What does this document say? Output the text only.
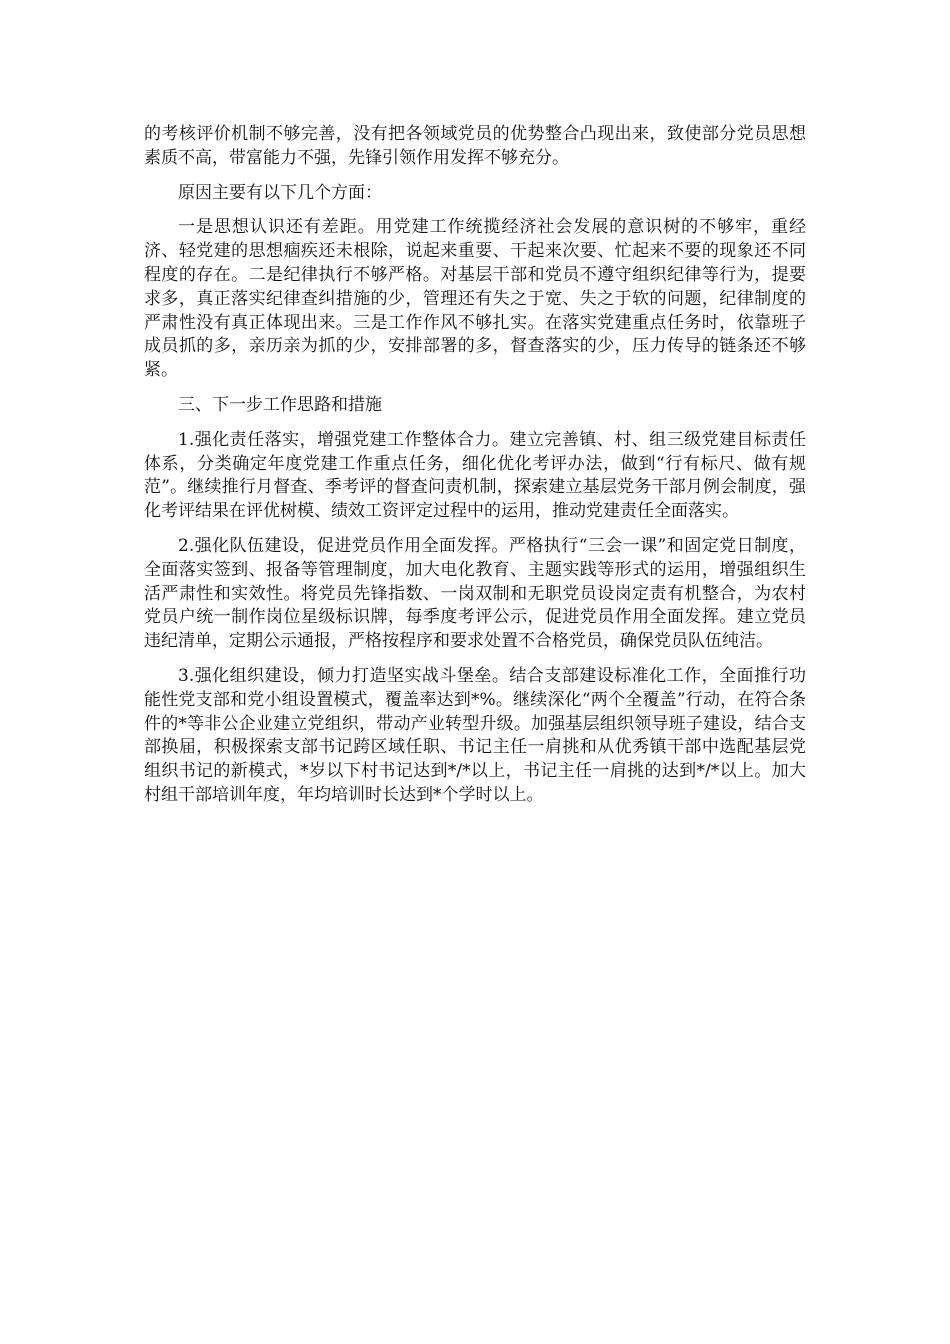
的考核评价机制不够完善，没有把各领域党员的优势整合凸现出来，致使部分党员思想素质不高，带富能力不强，先锋引领作用发挥不够充分。

原因主要有以下几个方面：

一是思想认识还有差距。用党建工作统揽经济社会发展的意识树的不够牢，重经济、轻党建的思想痼疾还未根除，说起来重要、干起来次要、忙起来不要的现象还不同程度的存在。二是纪律执行不够严格。对基层干部和党员不遵守组织纪律等行为，提要求多，真正落实纪律查纠措施的少，管理还有失之于宽、失之于软的问题，纪律制度的严肃性没有真正体现出来。三是工作作风不够扎实。在落实党建重点任务时，依靠班子成员抓的多，亲历亲为抓的少，安排部署的多，督查落实的少，压力传导的链条还不够紧。

三、下一步工作思路和措施

1.强化责任落实，增强党建工作整体合力。建立完善镇、村、组三级党建目标责任体系，分类确定年度党建工作重点任务，细化优化考评办法，做到“行有标尺、做有规范”。继续推行月督查、季考评的督查问责机制，探索建立基层党务干部月例会制度，强化考评结果在评优树模、绩效工资评定过程中的运用，推动党建责任全面落实。

2.强化队伍建设，促进党员作用全面发挥。严格执行“三会一课”和固定党日制度，全面落实签到、报备等管理制度，加大电化教育、主题实践等形式的运用，增强组织生活严肃性和实效性。将党员先锋指数、一岗双制和无职党员设岗定责有机整合，为农村党员户统一制作岗位星级标识牌，每季度考评公示，促进党员作用全面发挥。建立党员违纪清单，定期公示通报，严格按程序和要求处置不合格党员，确保党员队伍纯洁。

3.强化组织建设，倾力打造坚实战斗堡垒。结合支部建设标准化工作，全面推行功能性党支部和党小组设置模式，覆盖率达到*%。继续深化“两个全覆盖”行动，在符合条件的*等非公企业建立党组织，带动产业转型升级。加强基层组织领导班子建设，结合支部换届，积极探索支部书记跨区域任职、书记主任一肩挑和从优秀镇干部中选配基层党组织书记的新模式，*岁以下村书记达到*/*以上，书记主任一肩挑的达到*/*以上。加大村组干部培训年度，年均培训时长达到*个学时以上。
